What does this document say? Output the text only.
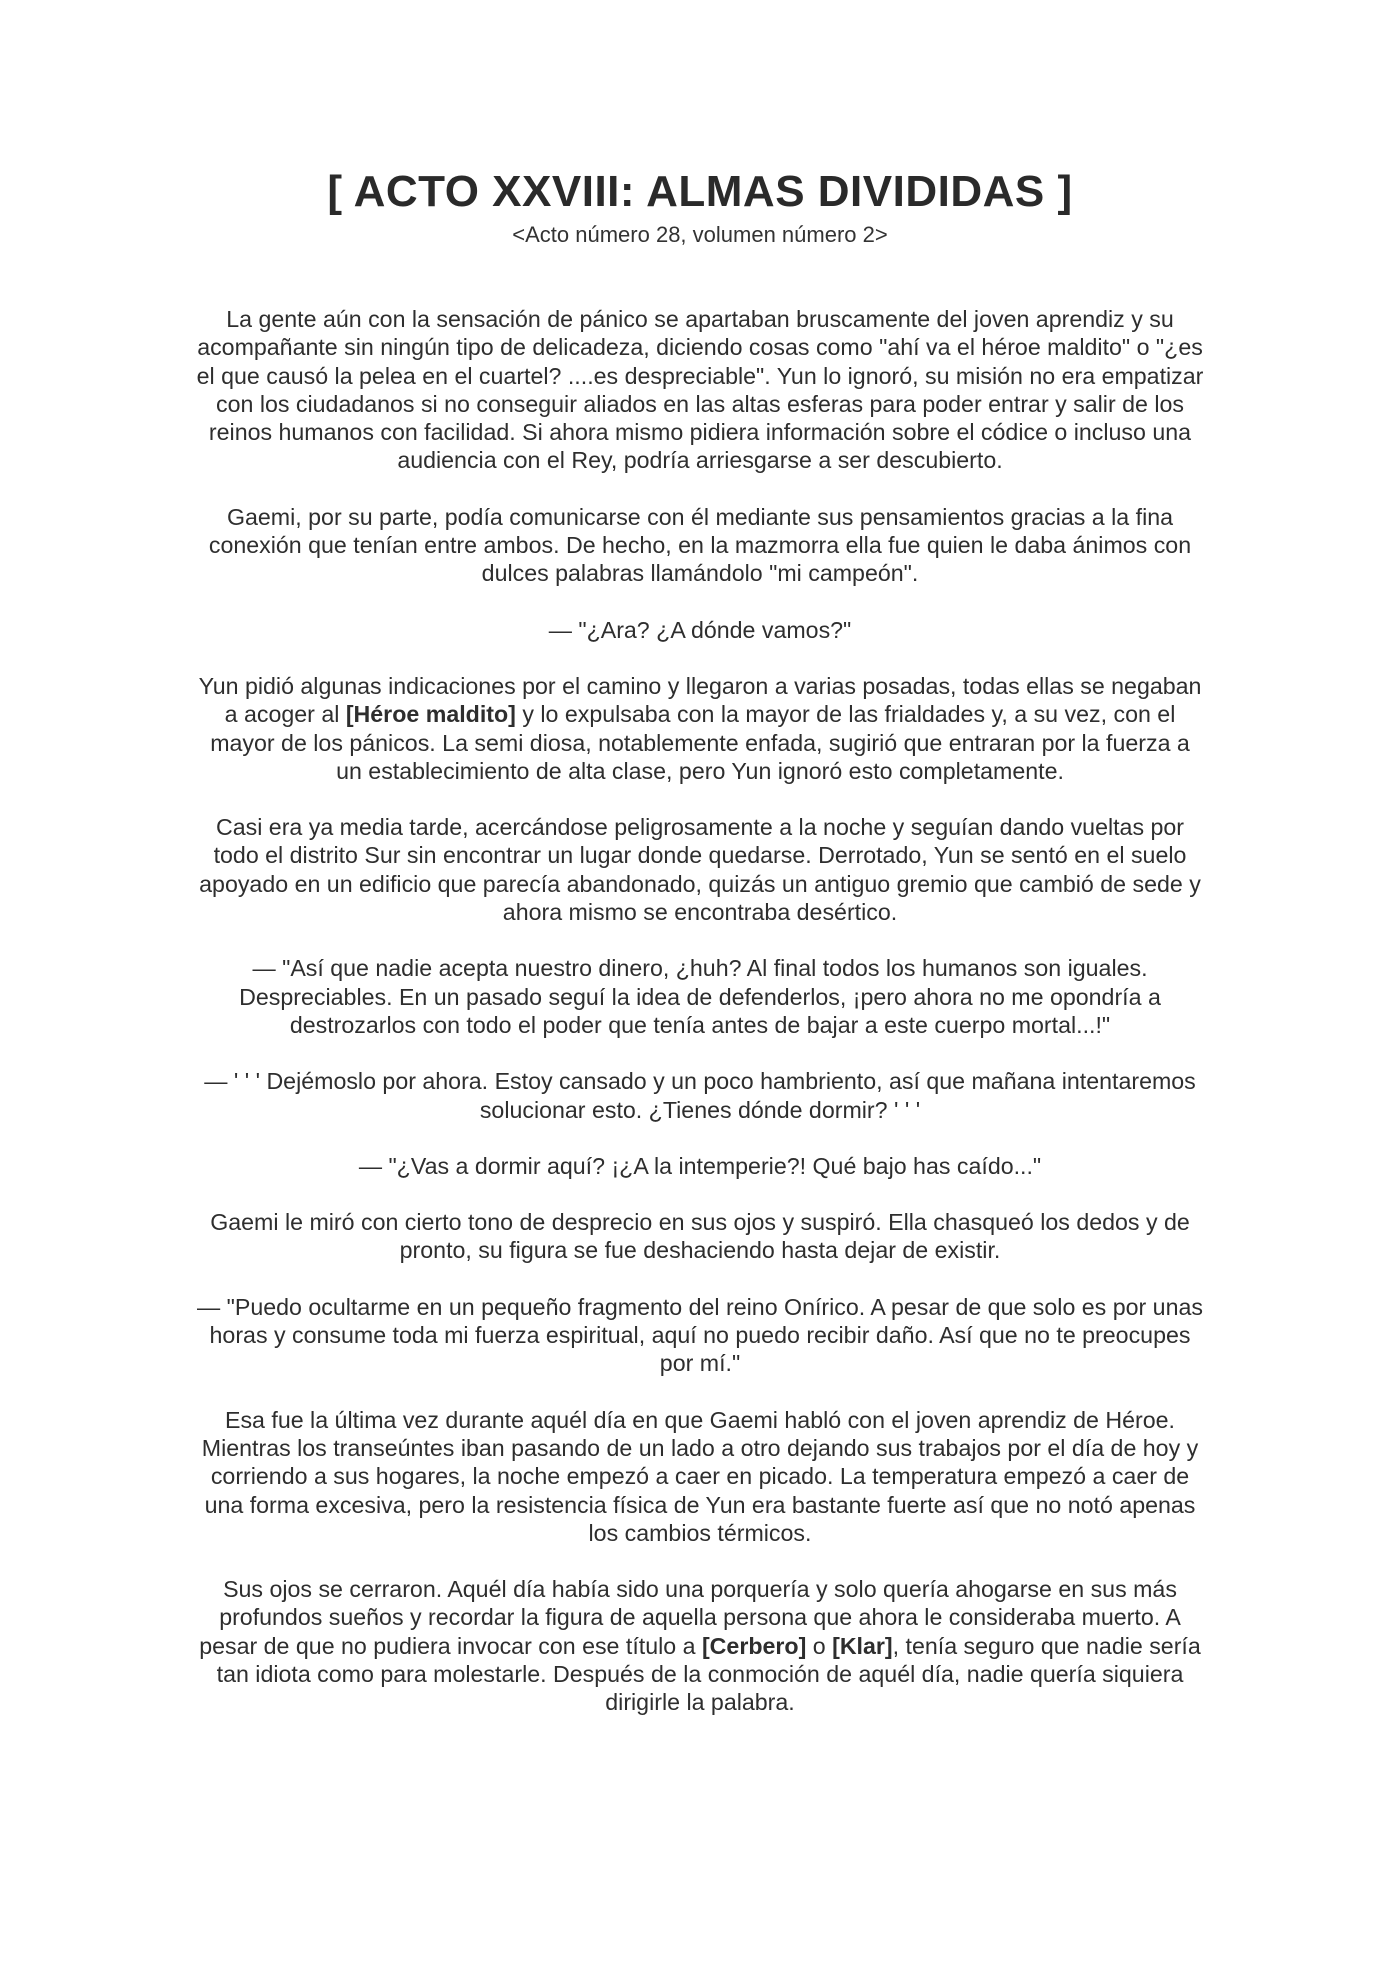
[ ACTO XXVIII: ALMAS DIVIDIDAS ]
<Acto número 28, volumen número 2>

La gente aún con la sensación de pánico se apartaban bruscamente del joven aprendiz y su acompañante sin ningún tipo de delicadeza, diciendo cosas como "ahí va el héroe maldito" o "¿es el que causó la pelea en el cuartel? ....es despreciable". Yun lo ignoró, su misión no era empatizar con los ciudadanos si no conseguir aliados en las altas esferas para poder entrar y salir de los reinos humanos con facilidad. Si ahora mismo pidiera información sobre el códice o incluso una audiencia con el Rey, podría arriesgarse a ser descubierto.

Gaemi, por su parte, podía comunicarse con él mediante sus pensamientos gracias a la fina conexión que tenían entre ambos. De hecho, en la mazmorra ella fue quien le daba ánimos con dulces palabras llamándolo "mi campeón".

— "¿Ara? ¿A dónde vamos?"

Yun pidió algunas indicaciones por el camino y llegaron a varias posadas, todas ellas se negaban a acoger al [Héroe maldito] y lo expulsaba con la mayor de las frialdades y, a su vez, con el mayor de los pánicos. La semi diosa, notablemente enfada, sugirió que entraran por la fuerza a un establecimiento de alta clase, pero Yun ignoró esto completamente.

Casi era ya media tarde, acercándose peligrosamente a la noche y seguían dando vueltas por todo el distrito Sur sin encontrar un lugar donde quedarse. Derrotado, Yun se sentó en el suelo apoyado en un edificio que parecía abandonado, quizás un antiguo gremio que cambió de sede y ahora mismo se encontraba desértico.

— "Así que nadie acepta nuestro dinero, ¿huh? Al final todos los humanos son iguales. Despreciables. En un pasado seguí la idea de defenderlos, ¡pero ahora no me opondría a destrozarlos con todo el poder que tenía antes de bajar a este cuerpo mortal...!"

— ' ' ' Dejémoslo por ahora. Estoy cansado y un poco hambriento, así que mañana intentaremos solucionar esto. ¿Tienes dónde dormir? ' ' '

— "¿Vas a dormir aquí? ¡¿A la intemperie?! Qué bajo has caído..."

Gaemi le miró con cierto tono de desprecio en sus ojos y suspiró. Ella chasqueó los dedos y de pronto, su figura se fue deshaciendo hasta dejar de existir.

— "Puedo ocultarme en un pequeño fragmento del reino Onírico. A pesar de que solo es por unas horas y consume toda mi fuerza espiritual, aquí no puedo recibir daño. Así que no te preocupes por mí."

Esa fue la última vez durante aquél día en que Gaemi habló con el joven aprendiz de Héroe. Mientras los transeúntes iban pasando de un lado a otro dejando sus trabajos por el día de hoy y corriendo a sus hogares, la noche empezó a caer en picado. La temperatura empezó a caer de una forma excesiva, pero la resistencia física de Yun era bastante fuerte así que no notó apenas los cambios térmicos.

Sus ojos se cerraron. Aquél día había sido una porquería y solo quería ahogarse en sus más profundos sueños y recordar la figura de aquella persona que ahora le consideraba muerto. A pesar de que no pudiera invocar con ese título a [Cerbero] o [Klar], tenía seguro que nadie sería tan idiota como para molestarle. Después de la conmoción de aquél día, nadie quería siquiera dirigirle la palabra.
